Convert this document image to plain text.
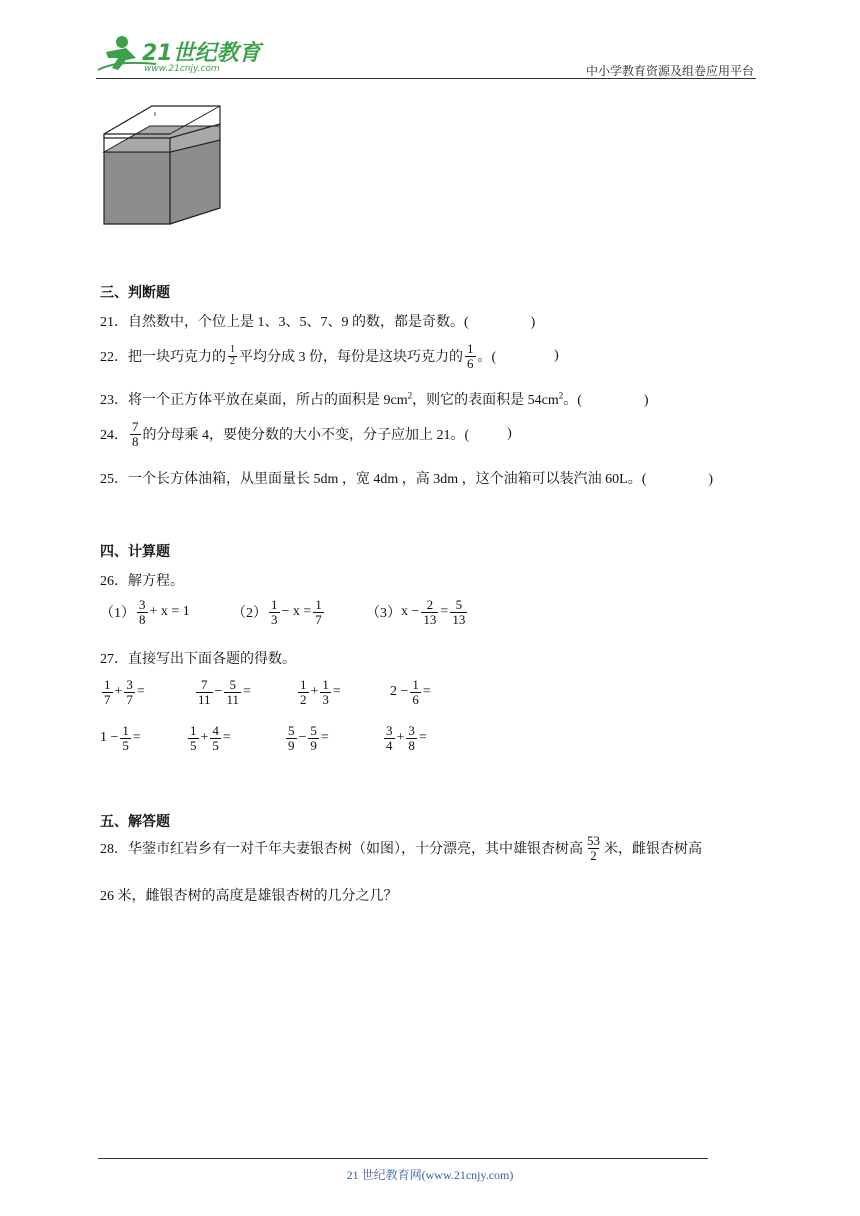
21世纪教育
www.21cnjy.com	中小学教育资源及组卷应用平台
三、判断题
21．自然数中，个位上是 1、3、5、7、9 的数，都是奇数。(	)
22． 把一块巧克力的 $\frac{1}{2}$ 平均分成 3 份，每份是这块巧克力的 $\frac{1}{6}$ 。(	)
23．将一个正方体平放在桌面，所占的面积是 $9cm^2$，则它的表面积是 $54cm^2$。(	)
24． $\frac{7}{8}$ 的分母乘 4，要使分数的大小不变，分子应加上 21。(	)
25．一个长方体油箱，从里面量长 5dm ，宽 4dm ，高 3dm ，这个油箱可以装汽油 60L。(	)
四、计算题
26．解方程。
$(1) \frac{3}{8} + x = 1$	$(2) \frac{1}{3} - x = \frac{1}{7}$	（3） $x - \frac{2}{13} = \frac{5}{13}$
27．直接写出下面各题的得数。
$\frac{1}{7} + \frac{3}{7}$ =	$\frac{7}{11} - \frac{5}{11}$ =	$\frac{1}{2} + \frac{1}{3}$ =	$2 - \frac{1}{6}$ =
$1 - \frac{1}{5}$ =	$\frac{1}{5} + \frac{4}{5}$ =	$\frac{5}{9} - \frac{5}{9}$ =	$\frac{3}{4} + \frac{3}{8}$ =
五、解答题
28．华蓥市红岩乡有一对千年夫妻银杏树（如图），十分漂亮，其中雄银杏树高 $\frac{53}{2}$ 米，雌银杏树高
26 米，雌银杏树的高度是雄银杏树的几分之几？
21 世纪教育网(www.21cnjy.com)
